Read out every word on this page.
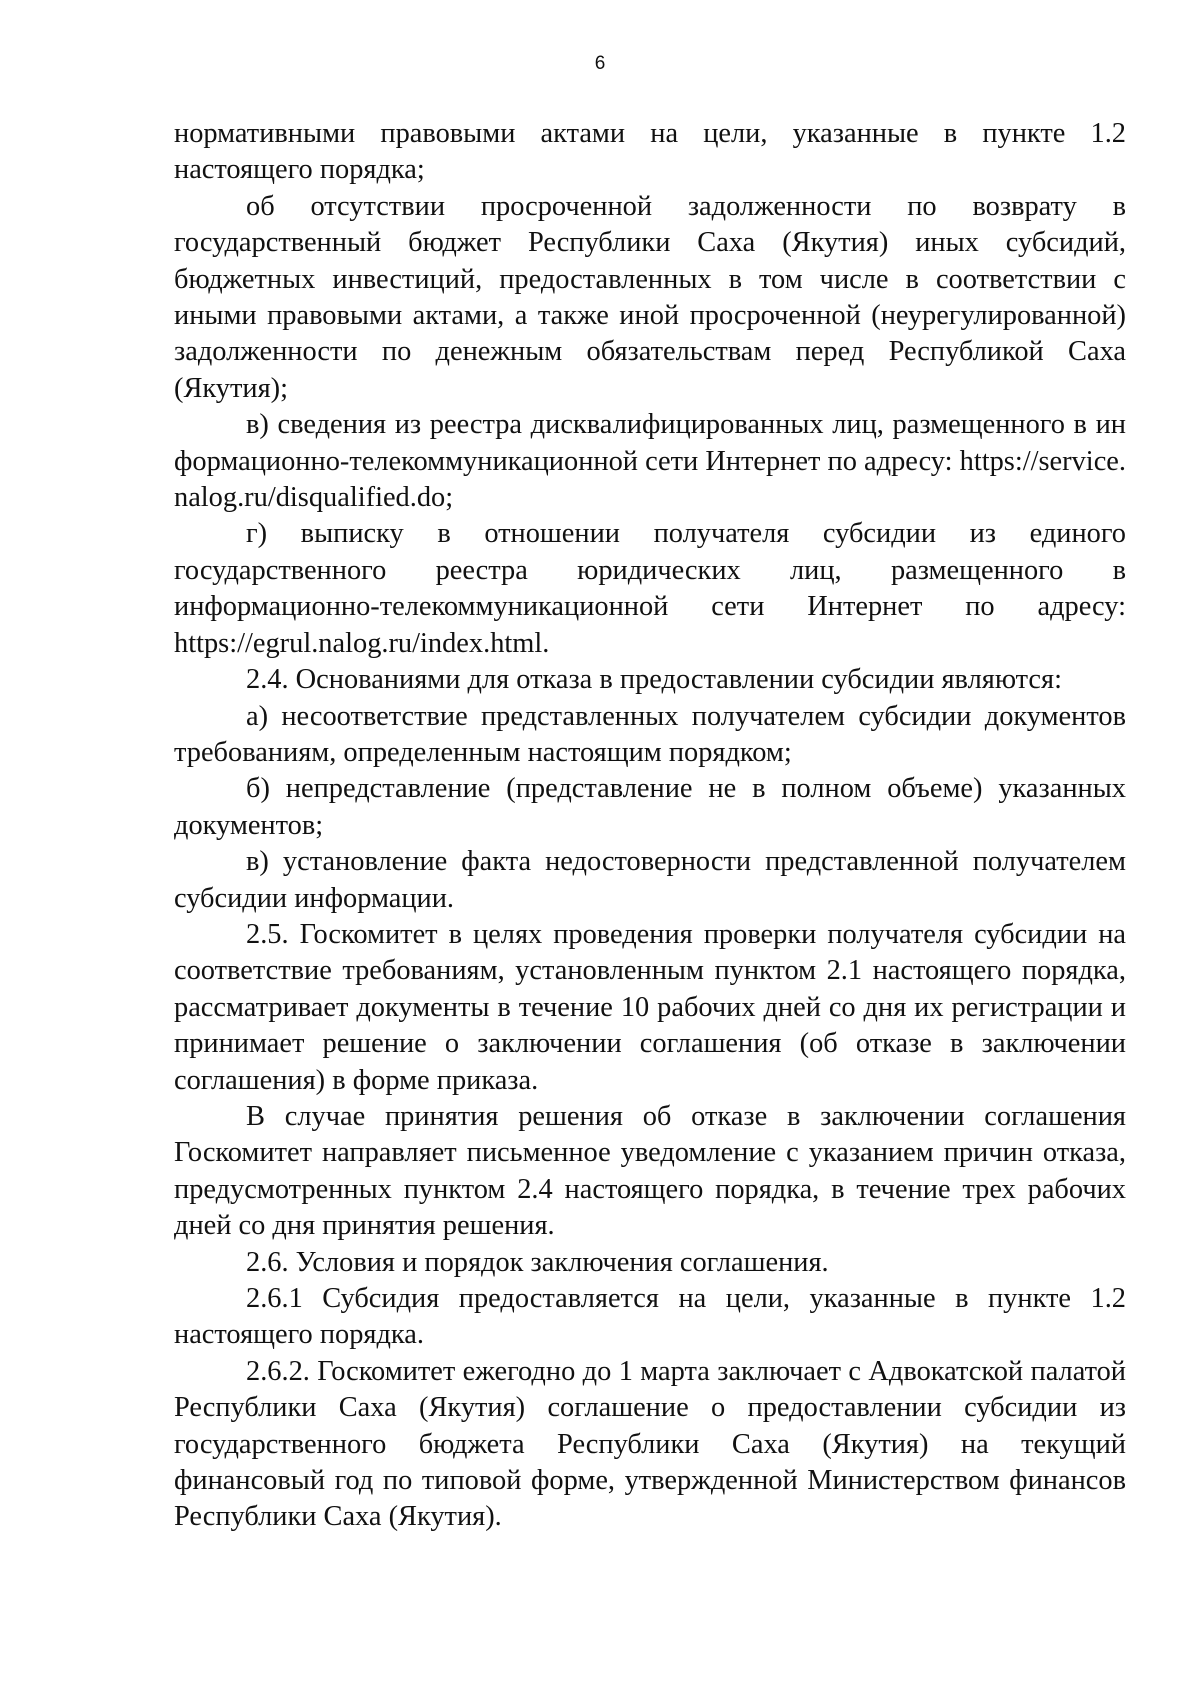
6

нормативными правовыми актами на цели, указанные в пункте 1.2 настоящего порядка;

об отсутствии просроченной задолженности по возврату в государственный бюджет Республики Саха (Якутия) иных субсидий, бюджетных инвестиций, предоставленных в том числе в соответствии с иными правовыми актами, а также иной просроченной (неурегулированной) задолженности по денежным обязательствам перед Республикой Саха (Якутия);

в) сведения из реестра дисквалифицированных лиц, размещенного в информационно-телекоммуникационной сети Интернет по адресу: https://service.nalog.ru/disqualified.do;

г) выписку в отношении получателя субсидии из единого государственного реестра юридических лиц, размещенного в информационно-телекоммуникационной сети Интернет по адресу: https://egrul.nalog.ru/index.html.

2.4. Основаниями для отказа в предоставлении субсидии являются:

а) несоответствие представленных получателем субсидии документов требованиям, определенным настоящим порядком;

б) непредставление (представление не в полном объеме) указанных документов;

в) установление факта недостоверности представленной получателем субсидии информации.

2.5. Госкомитет в целях проведения проверки получателя субсидии на соответствие требованиям, установленным пунктом 2.1 настоящего порядка, рассматривает документы в течение 10 рабочих дней со дня их регистрации и принимает решение о заключении соглашения (об отказе в заключении соглашения) в форме приказа.

В случае принятия решения об отказе в заключении соглашения Госкомитет направляет письменное уведомление с указанием причин отказа, предусмотренных пунктом 2.4 настоящего порядка, в течение трех рабочих дней со дня принятия решения.

2.6. Условия и порядок заключения соглашения.

2.6.1 Субсидия предоставляется на цели, указанные в пункте 1.2 настоящего порядка.

2.6.2. Госкомитет ежегодно до 1 марта заключает с Адвокатской палатой Республики Саха (Якутия) соглашение о предоставлении субсидии из государственного бюджета Республики Саха (Якутия) на текущий финансовый год по типовой форме, утвержденной Министерством финансов Республики Саха (Якутия).
